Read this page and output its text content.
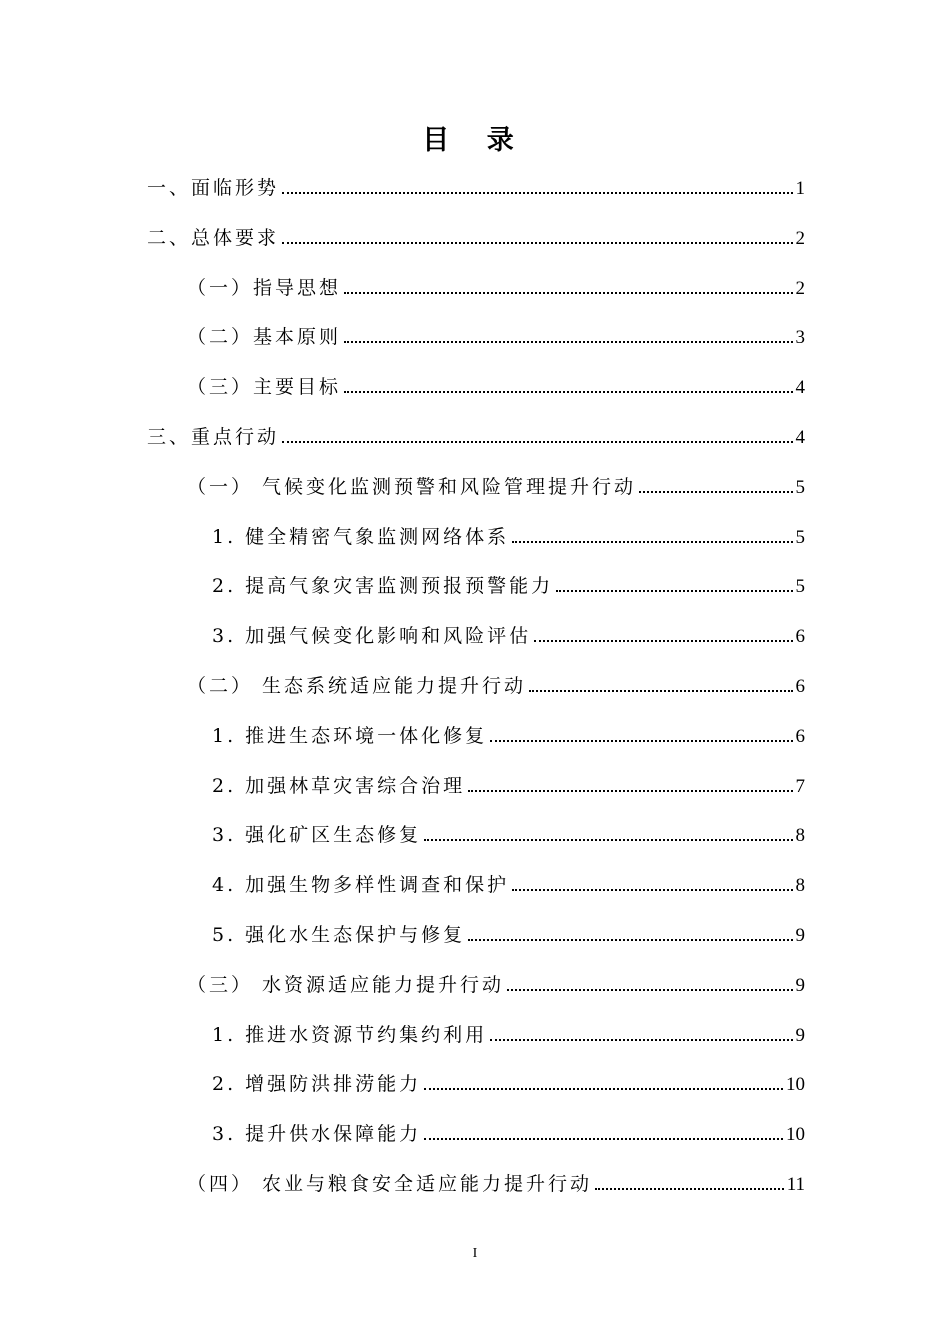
目 录
一、面临形势	1
二、总体要求	2
（一）指导思想	2
（二）基本原则	3
（三）主要目标	4
三、重点行动	4
（一） 气候变化监测预警和风险管理提升行动	5
1. 健全精密气象监测网络体系	5
2. 提高气象灾害监测预报预警能力	5
3. 加强气候变化影响和风险评估	6
（二） 生态系统适应能力提升行动	6
1. 推进生态环境一体化修复	6
2. 加强林草灾害综合治理	7
3. 强化矿区生态修复	8
4. 加强生物多样性调查和保护	8
5. 强化水生态保护与修复	9
（三） 水资源适应能力提升行动	9
1. 推进水资源节约集约利用	9
2. 增强防洪排涝能力	10
3. 提升供水保障能力	10
（四） 农业与粮食安全适应能力提升行动	11
I
